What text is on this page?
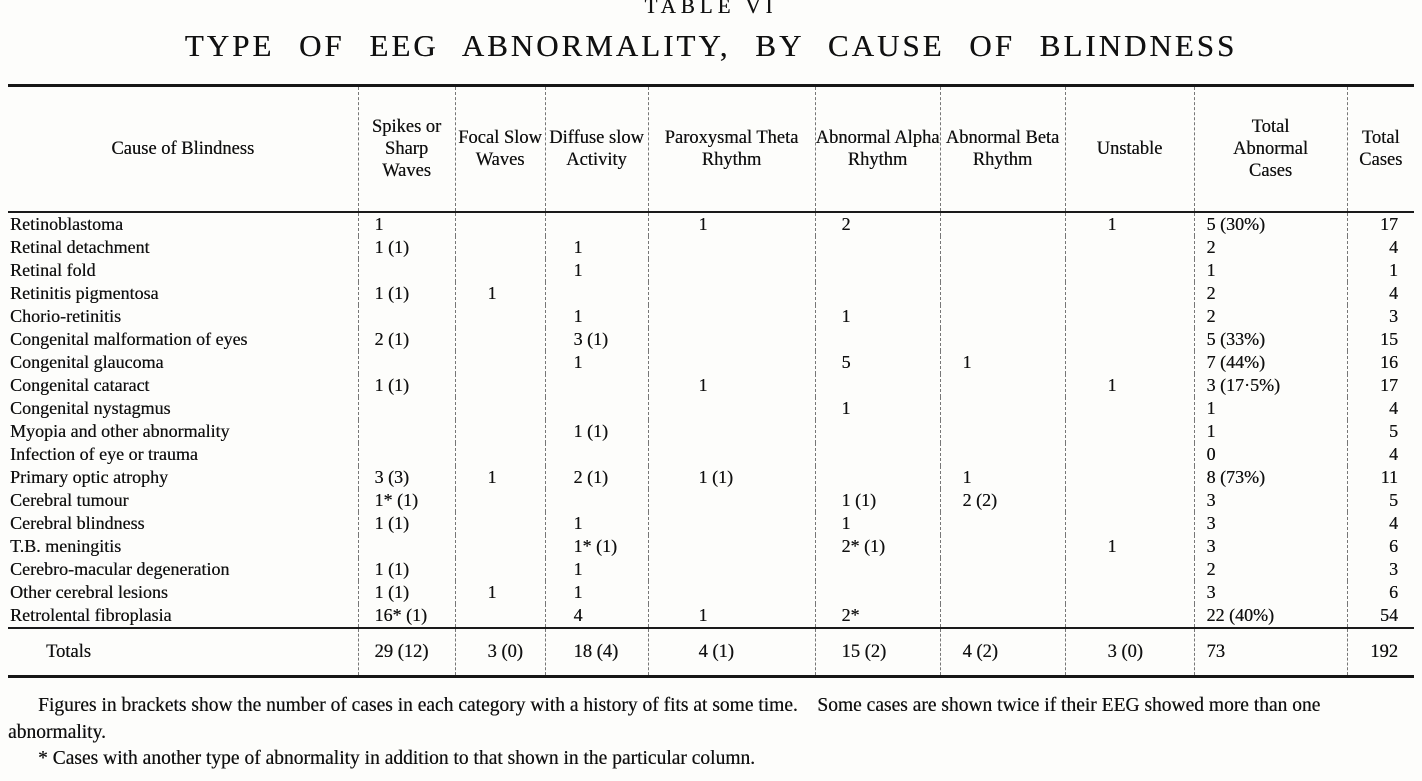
TABLE VI
TYPE OF EEG ABNORMALITY, BY CAUSE OF BLINDNESS
Cause of Blindness	Spikes or Sharp Waves	Focal Slow Waves	Diffuse slow Activity	Paroxysmal Theta Rhythm	Abnormal Alpha Rhythm	Abnormal Beta Rhythm	Unstable	Total Abnormal Cases	Total Cases
Retinoblastoma	1			1	2		1	5 (30%)	17
Retinal detachment	1 (1)		1					2	4
Retinal fold			1					1	1
Retinitis pigmentosa	1 (1)	1						2	4
Chorio-retinitis			1		1			2	3
Congenital malformation of eyes	2 (1)		3 (1)					5 (33%)	15
Congenital glaucoma			1		5	1		7 (44%)	16
Congenital cataract	1 (1)			1			1	3 (17·5%)	17
Congenital nystagmus					1			1	4
Myopia and other abnormality			1 (1)					1	5
Infection of eye or trauma								0	4
Primary optic atrophy	3 (3)	1	2 (1)	1 (1)		1		8 (73%)	11
Cerebral tumour	1* (1)				1 (1)	2 (2)		3	5
Cerebral blindness	1 (1)		1		1			3	4
T.B. meningitis			1* (1)		2* (1)		1	3	6
Cerebro-macular degeneration	1 (1)		1					2	3
Other cerebral lesions	1 (1)	1	1					3	6
Retrolental fibroplasia	16* (1)		4	1	2*			22 (40%)	54
Totals	29 (12)	3 (0)	18 (4)	4 (1)	15 (2)	4 (2)	3 (0)	73	192

Figures in brackets show the number of cases in each category with a history of fits at some time.  Some cases are shown twice if their EEG showed more than one abnormality.

* Cases with another type of abnormality in addition to that shown in the particular column.
